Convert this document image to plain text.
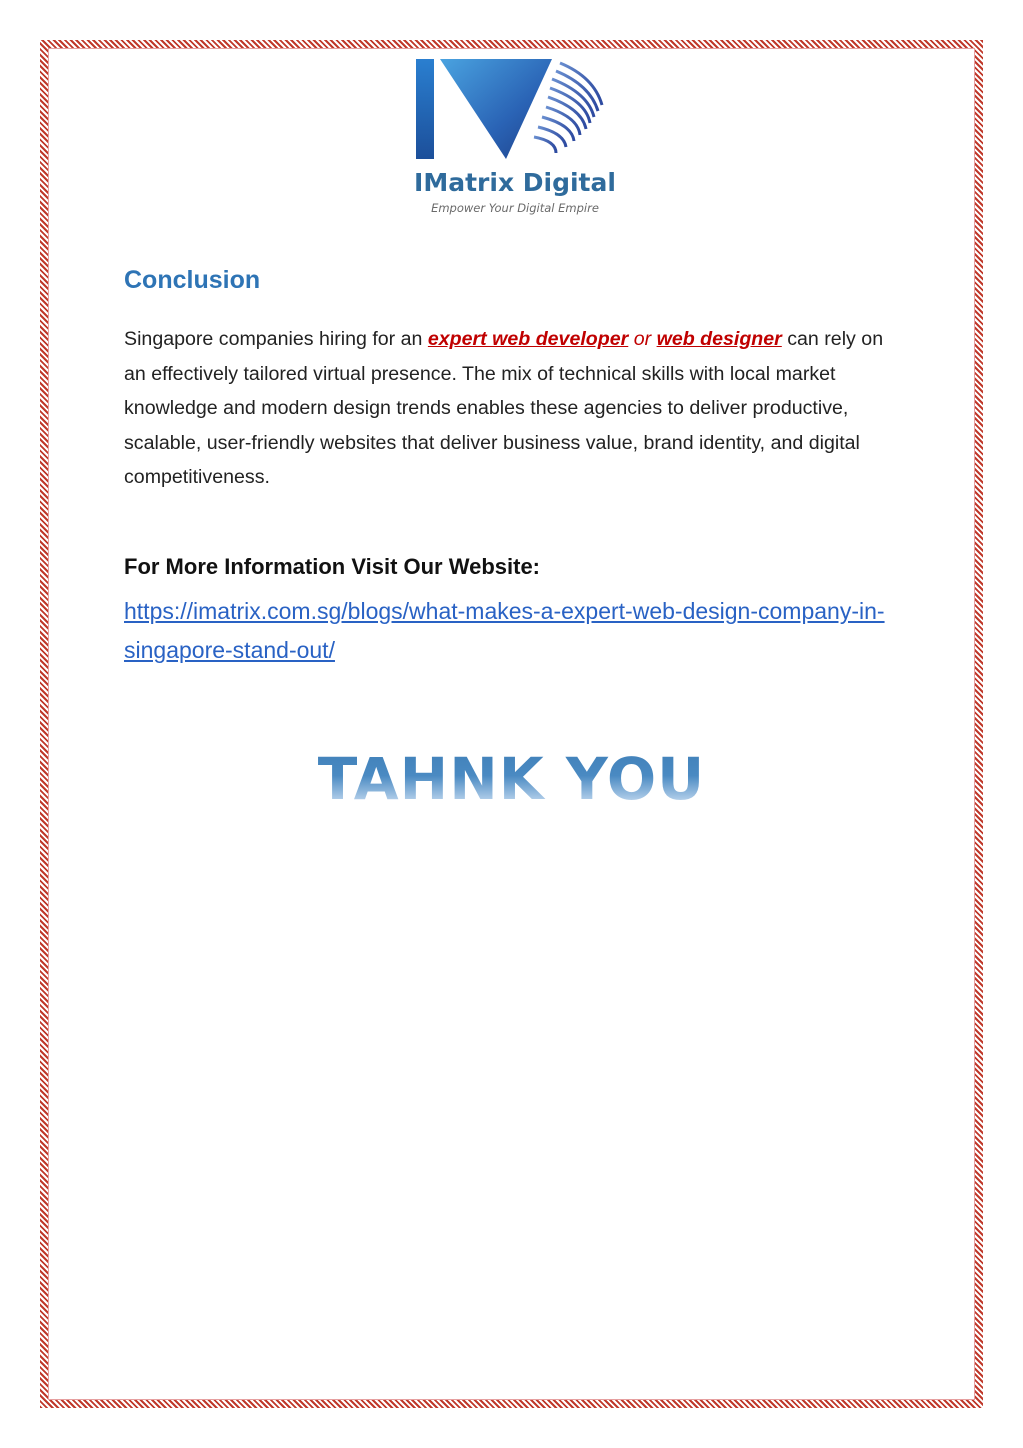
IMatrix Digital

Empower Your Digital Empire

Conclusion

Singapore companies hiring for an expert web developer or web designer can rely on an effectively tailored virtual presence. The mix of technical skills with local market knowledge and modern design trends enables these agencies to deliver productive, scalable, user-friendly websites that deliver business value, brand identity, and digital competitiveness.

For More Information Visit Our Website:
https://imatrix.com.sg/blogs/what-makes-a-expert-web-design-company-in-singapore-stand-out/

TAHNK YOU
